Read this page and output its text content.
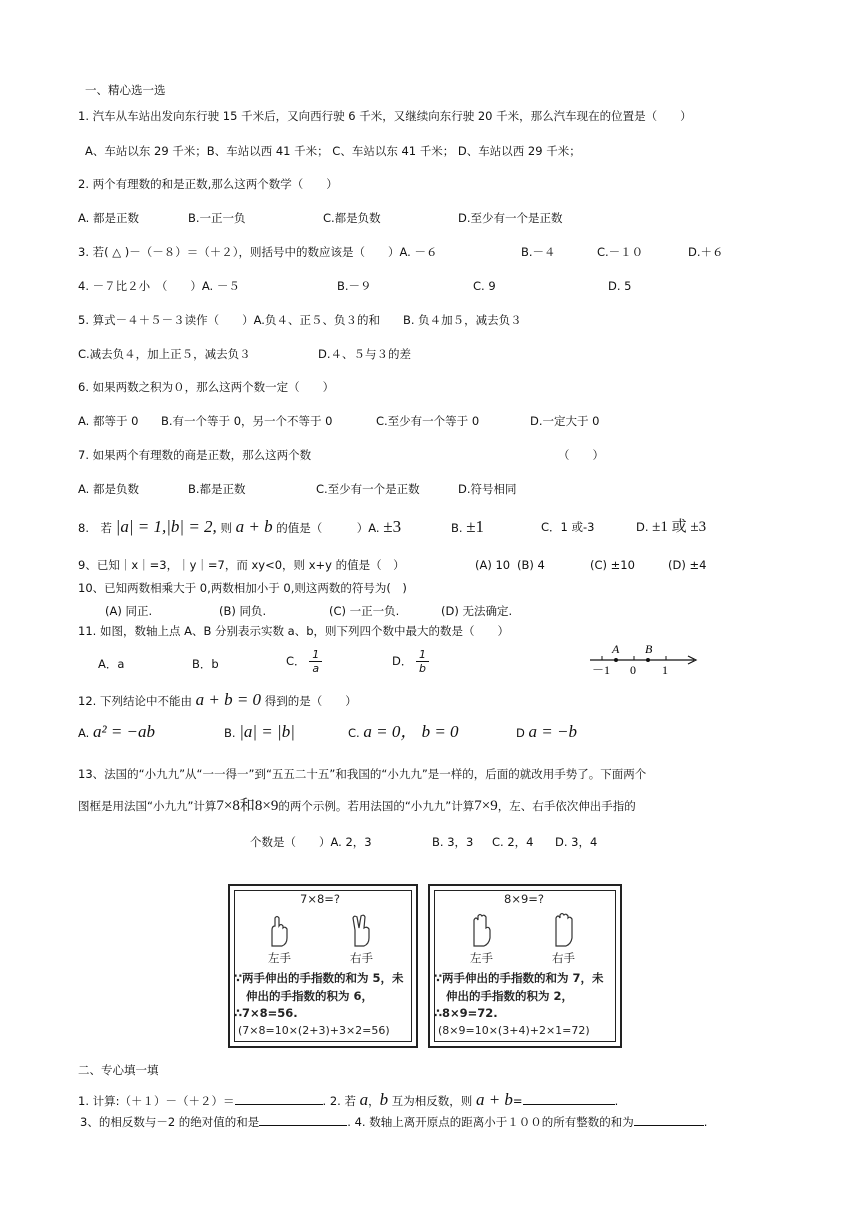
一、精心选一选
1. 汽车从车站出发向东行驶 15 千米后，又向西行驶 6 千米，又继续向东行驶 20 千米，那么汽车现在的位置是（　　）
A、车站以东 29 千米；B、车站以西 41 千米； C、车站以东 41 千米； D、车站以西 29 千米；
2. 两个有理数的和是正数,那么这两个数学（　　）
A. 都是正数	B.一正一负	C.都是负数	D.至少有一个是正数
3. 若( △ )－（－８）＝（＋２），则括号中的数应该是（　　）A. －６	B.－４	C.－１０	D.＋６
4. －７比２小　（　　）A. －５	B.－９	C. 9	D. 5
5. 算式－４＋５－３读作（　　）A.负４、正５、负３的和　　B. 负４加５，减去负３
C.减去负４，加上正５，减去负３	D.４、５与３的差
6. 如果两数之积为０，那么这两个数一定（　　）
A. 都等于 0 B.有一个等于 0，另一个不等于 0	C.至少有一个等于 0	D.一定大于 0
7. 如果两个有理数的商是正数，那么这两个数	（　　）
A. 都是负数	B.都是正数	C.至少有一个是正数	D.符号相同
8.　若 |a| = 1,|b| = 2, 则 a + b 的值是（　　　）A. ±3	B. ±1	C．1 或-3	D. ±1 或 ±3
9、已知｜x｜=3，｜y｜=7，而 xy<0，则 x+y 的值是（　）	(A) 10 (B) 4	(C) ±10	(D) ±4
10、已知两数相乘大于 0,两数相加小于 0,则这两数的符号为(　)
(A) 同正.	(B) 同负.	(C) 一正一负.	(D) 无法确定.
11. 如图，数轴上点 A、B 分别表示实数 a、b，则下列四个数中最大的数是（　　）
A．a	B．b	C． $\frac{1}{a}$	D． $\frac{1}{b}$	A B
－1 0 1
12. 下列结论中不能由 a + b = 0 得到的是（　　）
A. a² = −ab	B. |a| = |b|	C. a = 0， b = 0	D a = −b
13、法国的“小九九”从“一一得一”到“五五二十五”和我国的“小九九”是一样的，后面的就改用手势了。下面两个
图框是用法国“小九九”计算7×8和8×9的两个示例。若用法国的“小九九”计算7×9，左、右手依次伸出手指的
个数是（　　）A. 2，3	B. 3，3 C. 2，4 D. 3，4
7×8=?
左手	右手
∵两手伸出的手指数的和为 5，未
伸出的手指数的积为 6，
∴7×8=56.
(7×8=10×(2+3)+3×2=56)
8×9=?
左手	右手
∵两手伸出的手指数的和为 7，未
伸出的手指数的积为 2，
∴8×9=72.
(8×9=10×(3+4)+2×1=72)
二、专心填一填
1. 计算:（＋１）－（＋２）＝	. 2. 若 a，b 互为相反数，则 a + b=	.
3、的相反数与－2 的绝对值的和是	. 4. 数轴上离开原点的距离小于１００的所有整数的和为	.
